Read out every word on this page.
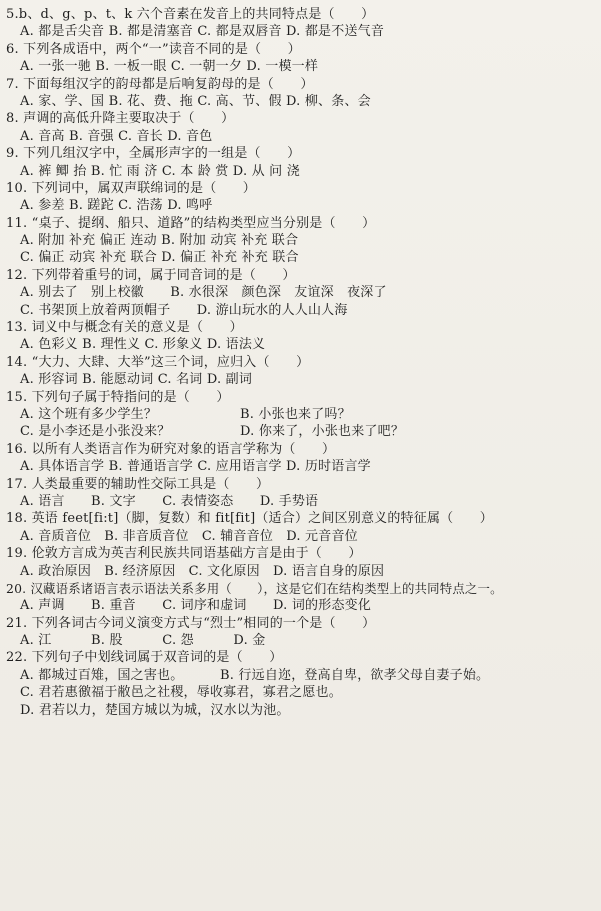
5.b、d、g、p、t、k 六个音素在发音上的共同特点是（　　）
A. 都是舌尖音 B. 都是清塞音 C. 都是双唇音 D. 都是不送气音
6. 下列各成语中，两个“一”读音不同的是（　　）
A. 一张一驰 B. 一板一眼 C. 一朝一夕 D. 一模一样
7. 下面每组汉字的韵母都是后响复韵母的是（　　）
A. 家、学、国 B. 花、费、拖 C. 高、节、假 D. 柳、条、会
8. 声调的高低升降主要取决于（　　）
A. 音高 B. 音强 C. 音长 D. 音色
9. 下列几组汉字中，全属形声字的一组是（　　）
A. 裤 鲫 抬 B. 忙 雨 济 C. 本 龄 赏 D. 从 问 浇
10. 下列词中，属双声联绵词的是（　　）
A. 参差 B. 蹉跎 C. 浩荡 D. 鸣呼
11. “桌子、提纲、船只、道路”的结构类型应当分别是（　　）
A. 附加 补充 偏正 连动 B. 附加 动宾 补充 联合
C. 偏正 动宾 补充 联合 D. 偏正 补充 补充 联合
12. 下列带着重号的词，属于同音词的是（　　）
A. 别去了　别上校徽　　B. 水很深　颜色深　友谊深　夜深了
C. 书架顶上放着两顶帽子　　D. 游山玩水的人人山人海
13. 词义中与概念有关的意义是（　　）
A. 色彩义 B. 理性义 C. 形象义 D. 语法义
14. “大力、大肆、大举”这三个词，应归入（　　）
A. 形容词 B. 能愿动词 C. 名词 D. 副词
15. 下列句子属于特指问的是（　　）
A. 这个班有多少学生？	B. 小张也来了吗？
C. 是小李还是小张没来？	D. 你来了，小张也来了吧？
16. 以所有人类语言作为研究对象的语言学称为（　　）
A. 具体语言学 B. 普通语言学 C. 应用语言学 D. 历时语言学
17. 人类最重要的辅助性交际工具是（　　）
A. 语言　　B. 文字　　C. 表情姿态　　D. 手势语
18. 英语 feet[fi:t]（脚，复数）和 fit[fit]（适合）之间区别意义的特征属（　　）
A. 音质音位　B. 非音质音位　C. 辅音音位　D. 元音音位
19. 伦敦方言成为英吉利民族共同语基础方言是由于（　　）
A. 政治原因　B. 经济原因　C. 文化原因　D. 语言自身的原因
20. 汉藏语系诸语言表示语法关系多用（　　），这是它们在结构类型上的共同特点之一。
A. 声调　　B. 重音　　C. 词序和虚词　　D. 词的形态变化
21. 下列各词古今词义演变方式与“烈士”相同的一个是（　　）
A. 江　　　B. 股　　　C. 怨　　　D. 金
22. 下列句子中划线词属于双音词的是（　　）
A. 都城过百雉，国之害也。	B. 行远自迩，登高自卑，欲孝父母自妻子始。
C. 君若惠徼福于敝邑之社稷，辱收寡君，寡君之愿也。
D. 君若以力，楚国方城以为城，汉水以为池。
